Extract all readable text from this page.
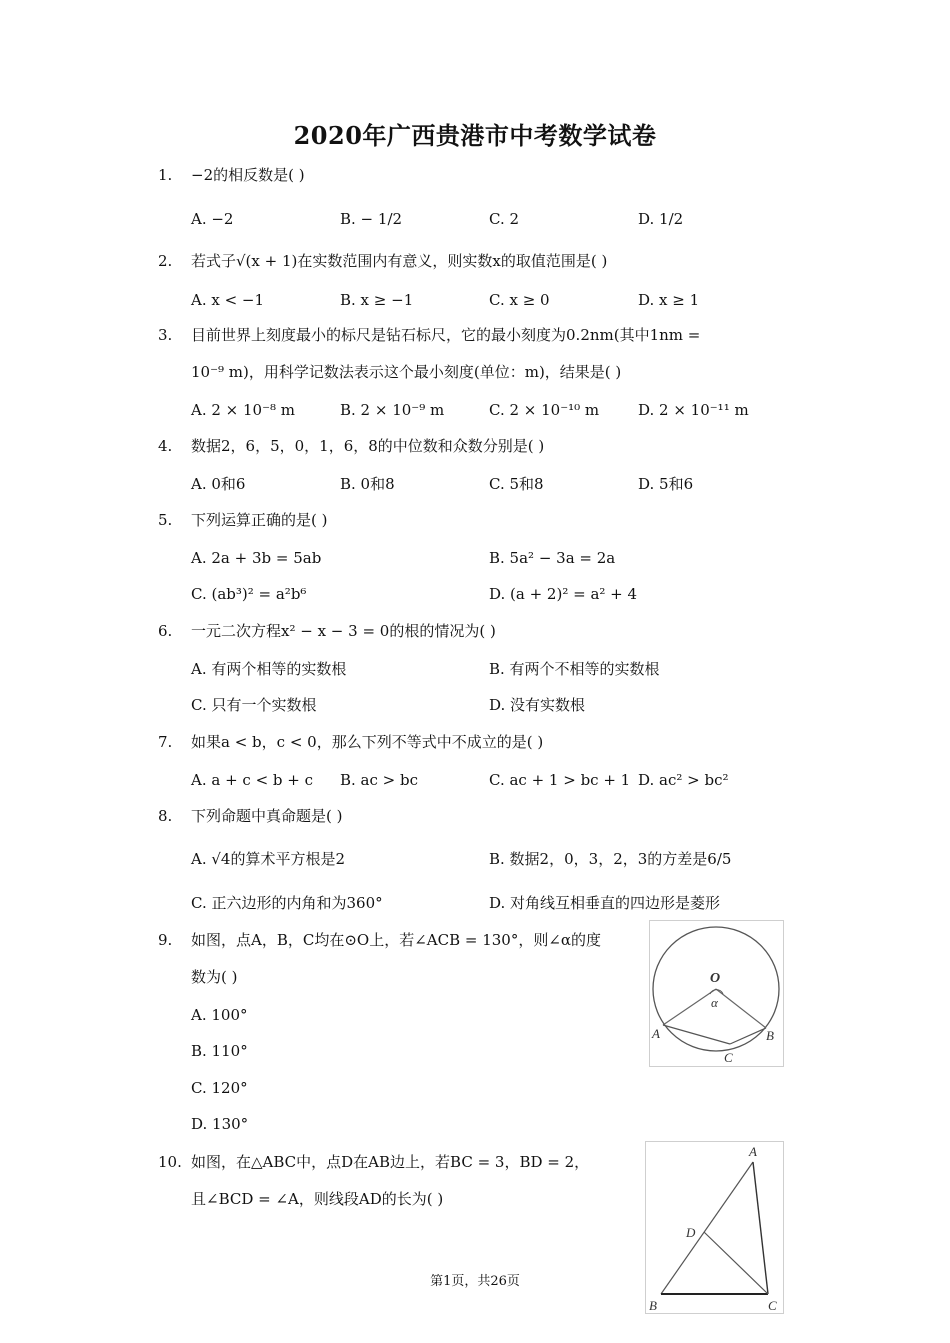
2020年广西贵港市中考数学试卷
1. −2的相反数是( )
A. −2	B. − 1/2	C. 2	D. 1/2
2. 若式子√(x + 1)在实数范围内有意义，则实数x的取值范围是( )
A. x < −1	B. x ≥ −1	C. x ≥ 0	D. x ≥ 1
3. 目前世界上刻度最小的标尺是钻石标尺，它的最小刻度为0.2nm(其中1nm =
10⁻⁹ m)，用科学记数法表示这个最小刻度(单位：m)，结果是( )
A. 2 × 10⁻⁸ m	B. 2 × 10⁻⁹ m	C. 2 × 10⁻¹⁰ m	D. 2 × 10⁻¹¹ m
4. 数据2，6，5，0，1，6，8的中位数和众数分别是( )
A. 0和6	B. 0和8	C. 5和8	D. 5和6
5. 下列运算正确的是( )
A. 2a + 3b = 5ab	B. 5a² − 3a = 2a
C. (ab³)² = a²b⁶	D. (a + 2)² = a² + 4
6. 一元二次方程x² − x − 3 = 0的根的情况为( )
A. 有两个相等的实数根	B. 有两个不相等的实数根
C. 只有一个实数根	D. 没有实数根
7. 如果a < b，c < 0，那么下列不等式中不成立的是( )
A. a + c < b + c B. ac > bc	C. ac + 1 > bc + 1 D. ac² > bc²
8. 下列命题中真命题是( )
A. √4的算术平方根是2	B. 数据2，0，3，2，3的方差是6/5
C. 正六边形的内角和为360°	D. 对角线互相垂直的四边形是菱形
9. 如图，点A，B，C均在⊙O上，若∠ACB = 130°，则∠α的度
数为( )
A. 100°
B. 110°
C. 120°
D. 130°
O
α
A	B
C
10. 如图，在△ABC中，点D在AB边上，若BC = 3，BD = 2，
且∠BCD = ∠A，则线段AD的长为( )
A
D
B	C
第1页，共26页
